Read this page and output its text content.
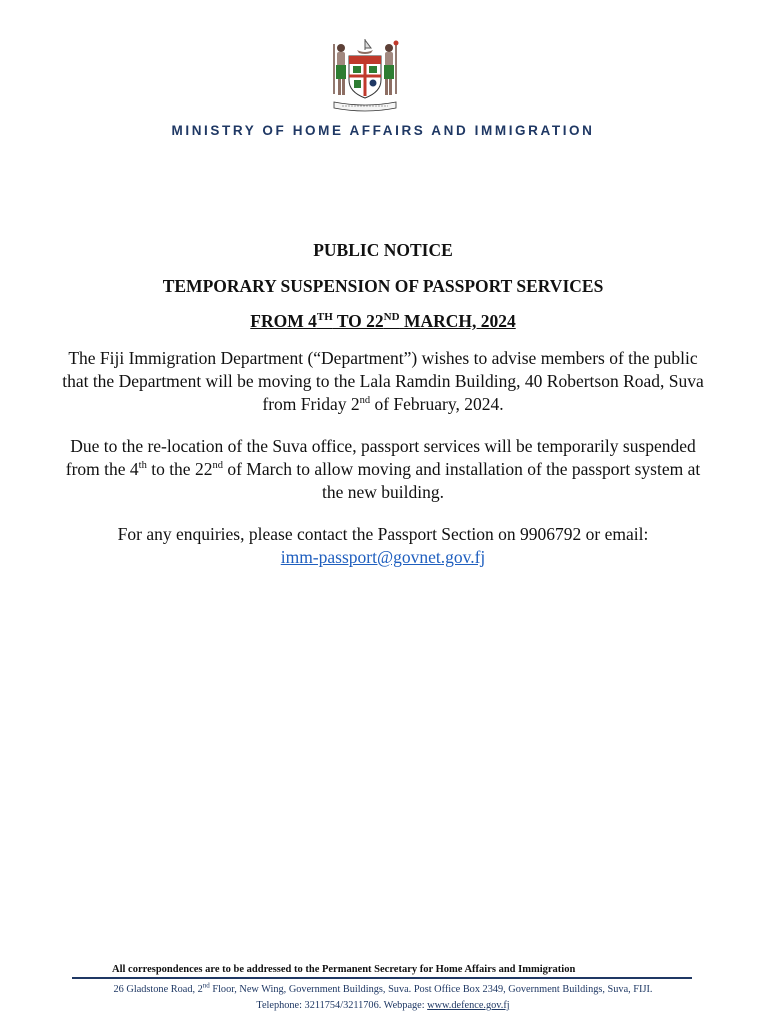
MINISTRY OF HOME AFFAIRS AND IMMIGRATION
PUBLIC NOTICE
TEMPORARY SUSPENSION OF PASSPORT SERVICES
FROM 4TH TO 22ND MARCH, 2024
The Fiji Immigration Department (“Department”) wishes to advise members of the public that the Department will be moving to the Lala Ramdin Building, 40 Robertson Road, Suva from Friday 2nd of February, 2024.
Due to the re-location of the Suva office, passport services will be temporarily suspended from the 4th to the 22nd of March to allow moving and installation of the passport system at the new building.
For any enquiries, please contact the Passport Section on 9906792 or email:
imm-passport@govnet.gov.fj
All correspondences are to be addressed to the Permanent Secretary for Home Affairs and Immigration
26 Gladstone Road, 2nd Floor, New Wing, Government Buildings, Suva. Post Office Box 2349, Government Buildings, Suva, FIJI.
Telephone: 3211754/3211706. Webpage: www.defence.gov.fj
